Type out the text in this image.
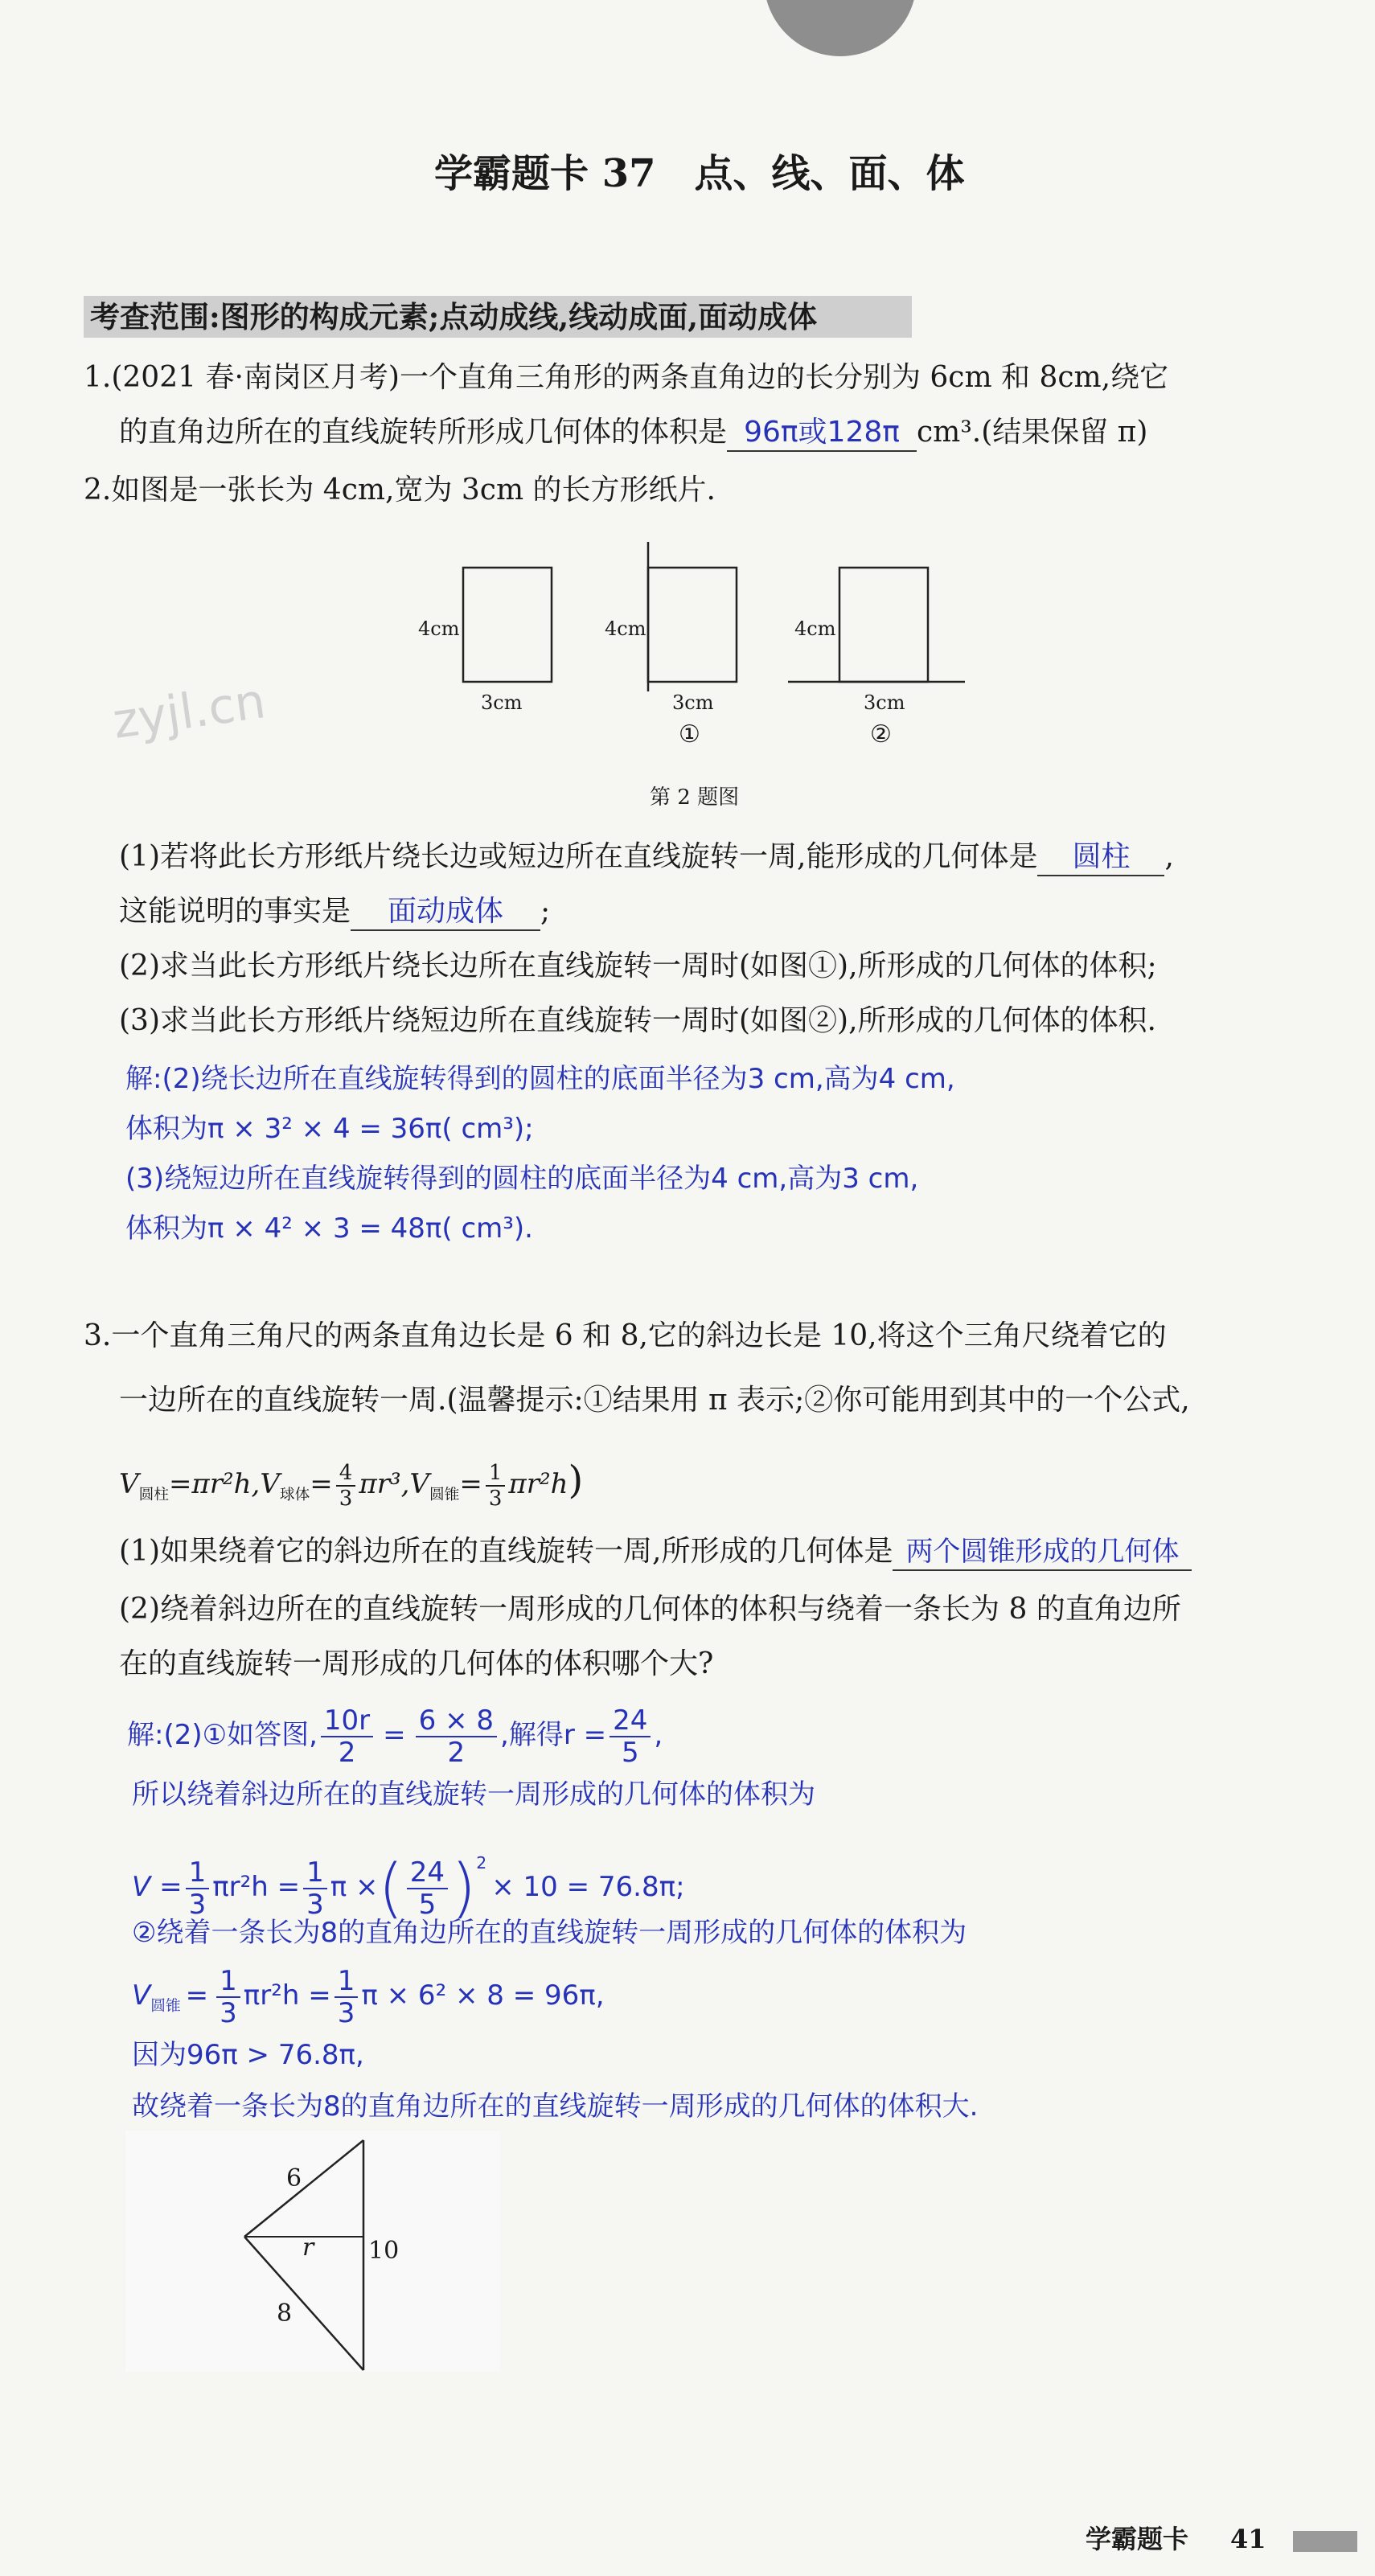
学霸题卡 37　点、线、面、体
考查范围:图形的构成元素;点动成线,线动成面,面动成体
1.(2021 春·南岗区月考)一个直角三角形的两条直角边的长分别为 6cm 和 8cm,绕它
的直角边所在的直线旋转所形成几何体的体积是 96π或128π cm³.(结果保留 π)
2.如图是一张长为 4cm,宽为 3cm 的长方形纸片.
4cm
3cm
4cm
3cm
①
4cm
3cm
②
第 2 题图
zyjl.cn
(1)若将此长方形纸片绕长边或短边所在直线旋转一周,能形成的几何体是 圆柱 ,
这能说明的事实是 面动成体 ;
(2)求当此长方形纸片绕长边所在直线旋转一周时(如图①),所形成的几何体的体积;
(3)求当此长方形纸片绕短边所在直线旋转一周时(如图②),所形成的几何体的体积.
解:(2)绕长边所在直线旋转得到的圆柱的底面半径为3 cm,高为4 cm,
体积为π × 3² × 4 = 36π( cm³);
(3)绕短边所在直线旋转得到的圆柱的底面半径为4 cm,高为3 cm,
体积为π × 4² × 3 = 48π( cm³).
3.一个直角三角尺的两条直角边长是 6 和 8,它的斜边长是 10,将这个三角尺绕着它的
一边所在的直线旋转一周.(温馨提示:①结果用 π 表示;②你可能用到其中的一个公式,
$V_{圆柱}=\pi r^2h,V_{球体}= \frac{4}{3} \pi r^3,V_{圆锥}= \frac{1}{3} \pi r^2h$)
(1)如果绕着它的斜边所在的直线旋转一周,所形成的几何体是 两个圆锥形成的几何体
(2)绕着斜边所在的直线旋转一周形成的几何体的体积与绕着一条长为 8 的直角边所
在的直线旋转一周形成的几何体的体积哪个大?
解:(2)①如答图, $\frac{10r}{2} = \frac{6 \times 8}{2}$ ,解得$r = \frac{24}{5}$ ,
所以绕着斜边所在的直线旋转一周形成的几何体的体积为
$V = \frac{1}{3} \pi r^2h = \frac{1}{3}$ π ×( $\frac{24}{5} )^2\times 10 = 76.8\pi$;
②绕着一条长为8的直角边所在的直线旋转一周形成的几何体的体积为
$V_{圆锥} = \frac{1}{3} \pi r^2h = \frac{1}{3}$ π × 6² × 8 = 96π,
因为96π > 76.8π,
故绕着一条长为8的直角边所在的直线旋转一周形成的几何体的体积大.
6
8
10
r
学霸题卡 41
